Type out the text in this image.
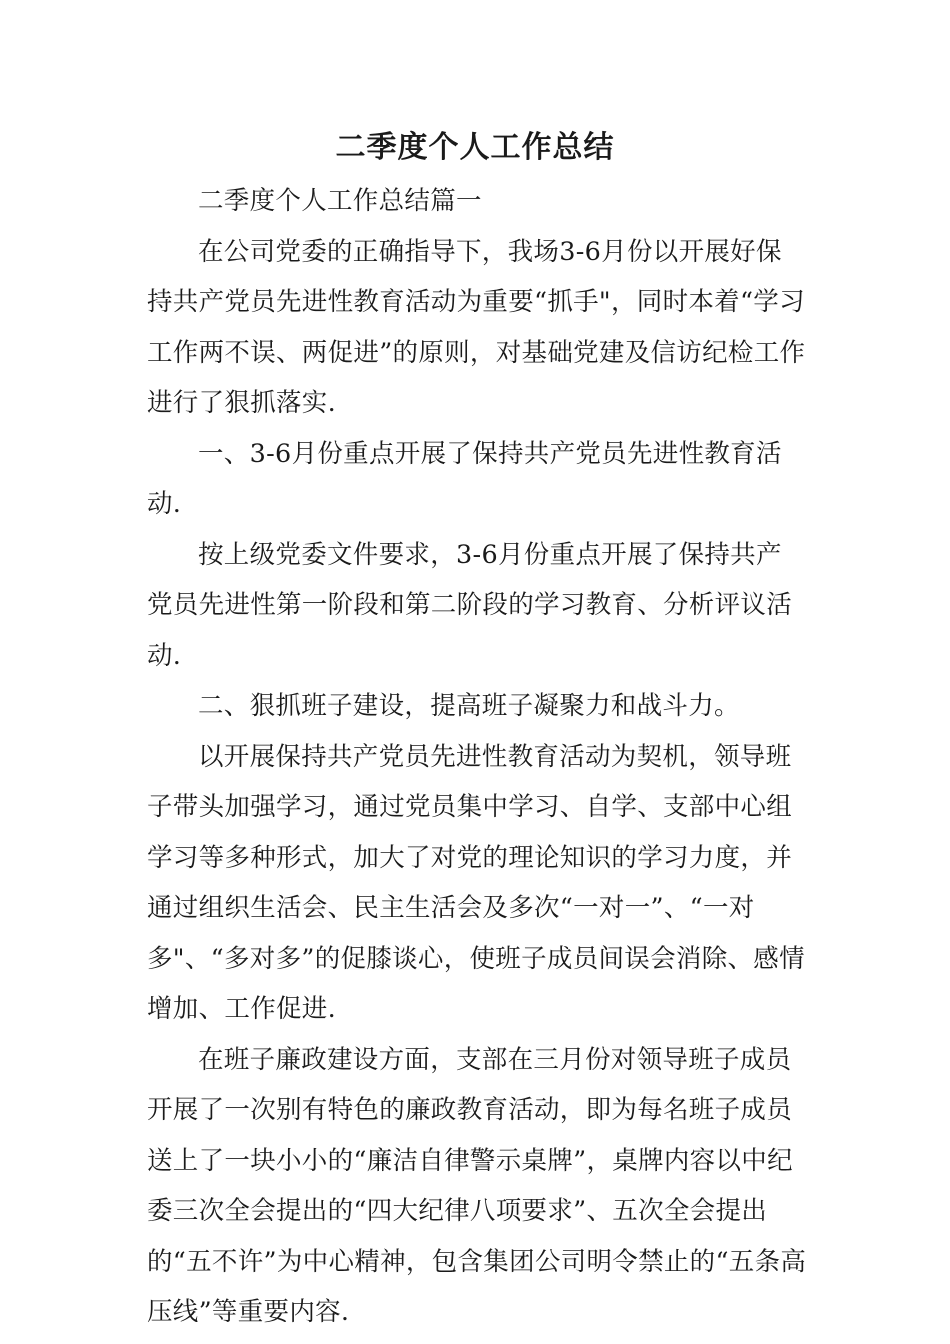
二季度个人工作总结

二季度个人工作总结篇一

在公司党委的正确指导下，我场3-6月份以开展好保持共产党员先进性教育活动为重要“抓手"，同时本着“学习工作两不误、两促进”的原则，对基础党建及信访纪检工作进行了狠抓落实.

一、3-6月份重点开展了保持共产党员先进性教育活动.

按上级党委文件要求，3-6月份重点开展了保持共产党员先进性第一阶段和第二阶段的学习教育、分析评议活动.

二、狠抓班子建设，提高班子凝聚力和战斗力。

以开展保持共产党员先进性教育活动为契机，领导班子带头加强学习，通过党员集中学习、自学、支部中心组学习等多种形式，加大了对党的理论知识的学习力度，并通过组织生活会、民主生活会及多次“一对一”、“一对多"、“多对多”的促膝谈心，使班子成员间误会消除、感情增加、工作促进.

在班子廉政建设方面，支部在三月份对领导班子成员开展了一次别有特色的廉政教育活动，即为每名班子成员送上了一块小小的“廉洁自律警示桌牌”，桌牌内容以中纪委三次全会提出的“四大纪律八项要求”、五次全会提出的“五不许”为中心精神，包含集团公司明令禁止的“五条高压线”等重要内容.
